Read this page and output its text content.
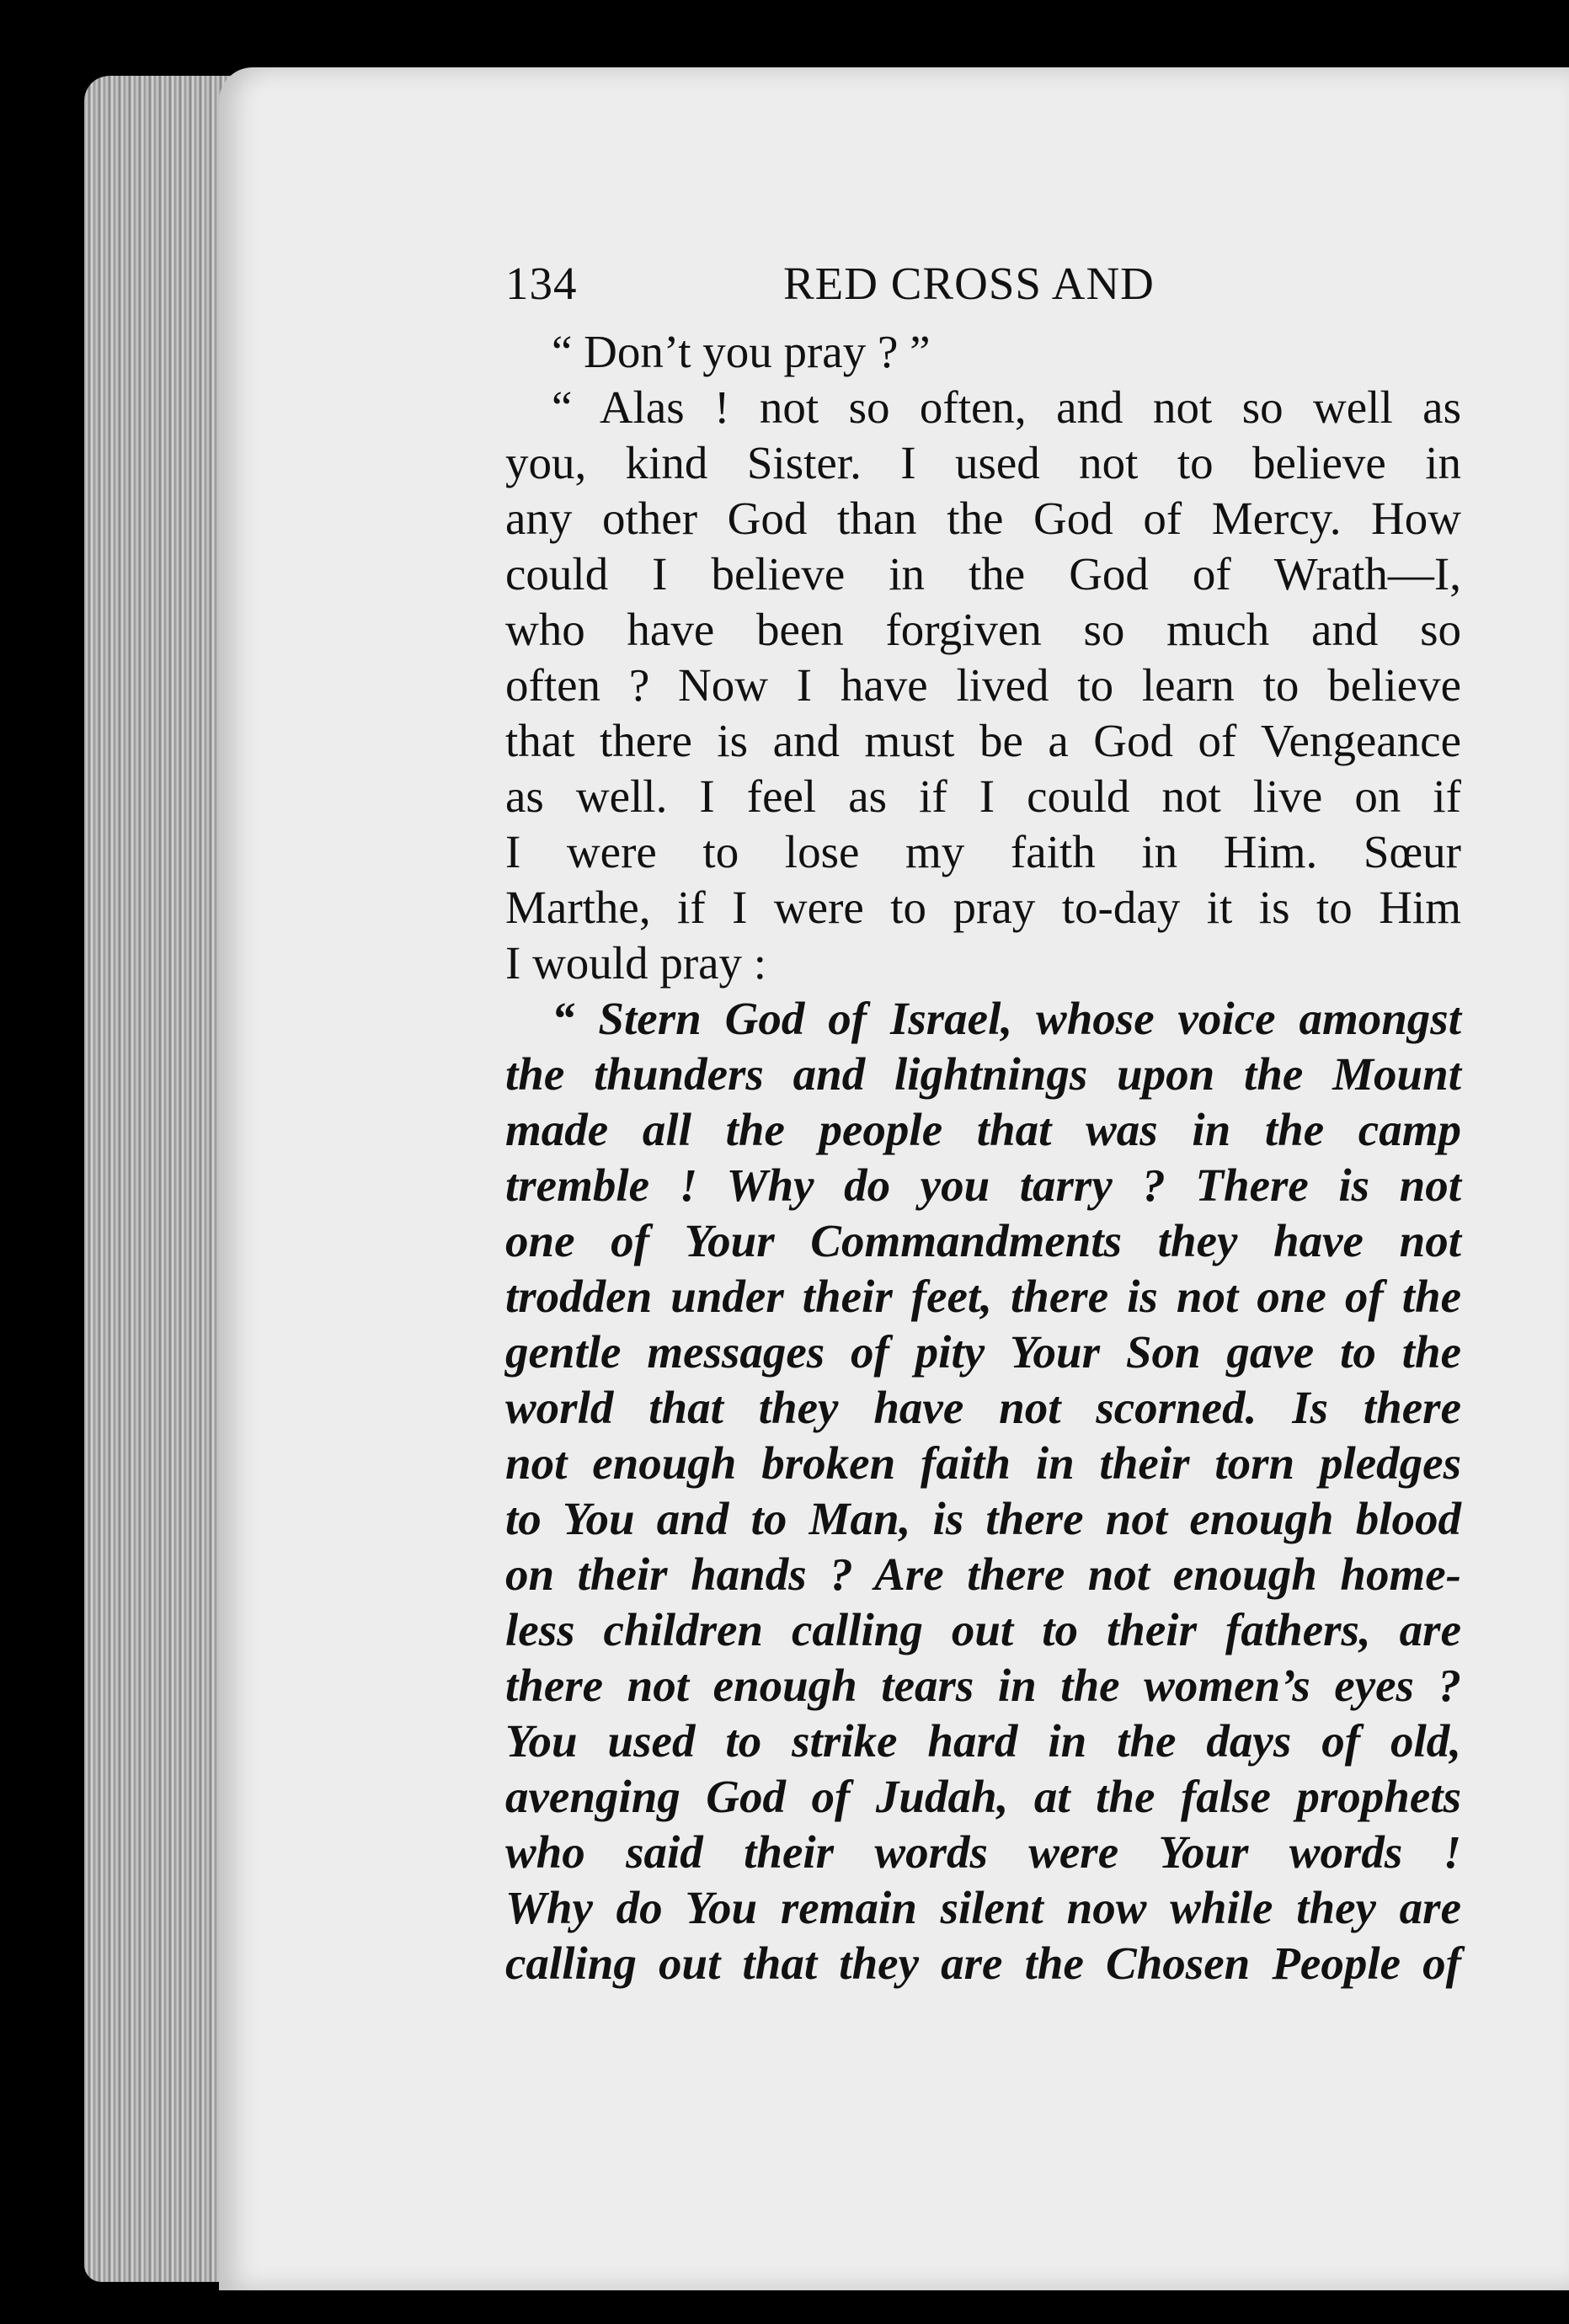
134	RED CROSS AND
“ Don’t you pray ? ”
“ Alas ! not so often, and not so well as
you, kind Sister. I used not to believe in
any other God than the God of Mercy. How
could I believe in the God of Wrath—I,
who have been forgiven so much and so
often ? Now I have lived to learn to believe
that there is and must be a God of Vengeance
as well. I feel as if I could not live on if
I were to lose my faith in Him. Sœur
Marthe, if I were to pray to-day it is to Him
I would pray :
“ Stern God of Israel, whose voice amongst
the thunders and lightnings upon the Mount
made all the people that was in the camp
tremble ! Why do you tarry ? There is not
one of Your Commandments they have not
trodden under their feet, there is not one of the
gentle messages of pity Your Son gave to the
world that they have not scorned. Is there
not enough broken faith in their torn pledges
to You and to Man, is there not enough blood
on their hands ? Are there not enough home-
less children calling out to their fathers, are
there not enough tears in the women’s eyes ?
You used to strike hard in the days of old,
avenging God of Judah, at the false prophets
who said their words were Your words !
Why do You remain silent now while they are
calling out that they are the Chosen People of
